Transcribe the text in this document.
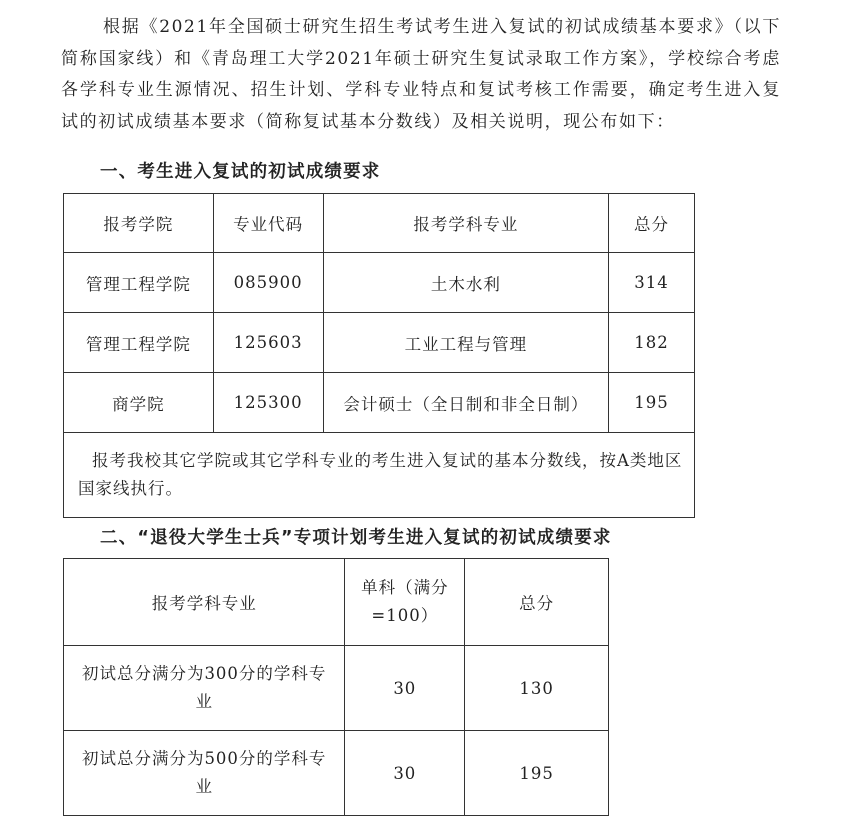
根据《2021年全国硕士研究生招生考试考生进入复试的初试成绩基本要求》（以下简称国家线）和《青岛理工大学2021年硕士研究生复试录取工作方案》，学校综合考虑各学科专业生源情况、招生计划、学科专业特点和复试考核工作需要，确定考生进入复试的初试成绩基本要求（简称复试基本分数线）及相关说明，现公布如下：

一、考生进入复试的初试成绩要求
报考学院	专业代码	报考学科专业	总分
管理工程学院	085900	土木水利	314
管理工程学院	125603	工业工程与管理	182
商学院	125300	会计硕士（全日制和非全日制）	195
报考我校其它学院或其它学科专业的考生进入复试的基本分数线，按A类地区国家线执行。			
二、“退役大学生士兵”专项计划考生进入复试的初试成绩要求
报考学科专业	单科（满分=100）	总分
初试总分满分为300分的学科专业	30	130
初试总分满分为500分的学科专业	30	195
